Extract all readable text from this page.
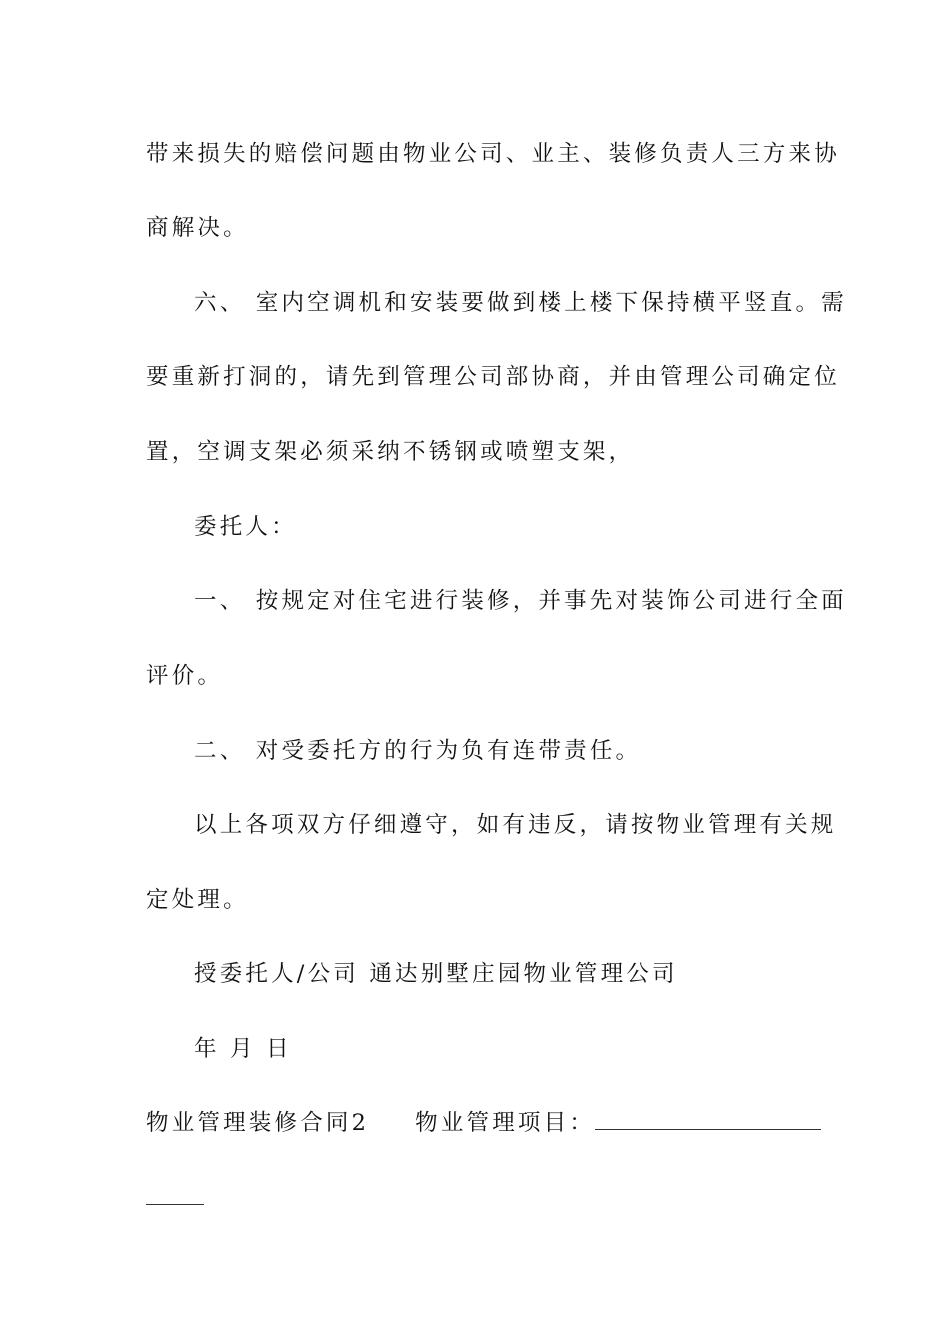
带来损失的赔偿问题由物业公司、业主、装修负责人三方来协
商解决。
六、 室内空调机和安装要做到楼上楼下保持横平竖直。需
要重新打洞的，请先到管理公司部协商，并由管理公司确定位
置，空调支架必须采纳不锈钢或喷塑支架，
委托人：
一、 按规定对住宅进行装修，并事先对装饰公司进行全面
评价。
二、 对受委托方的行为负有连带责任。
以上各项双方仔细遵守，如有违反，请按物业管理有关规
定处理。
授委托人/公司 通达别墅庄园物业管理公司
年 月 日
物业管理装修合同2 物业管理项目：
